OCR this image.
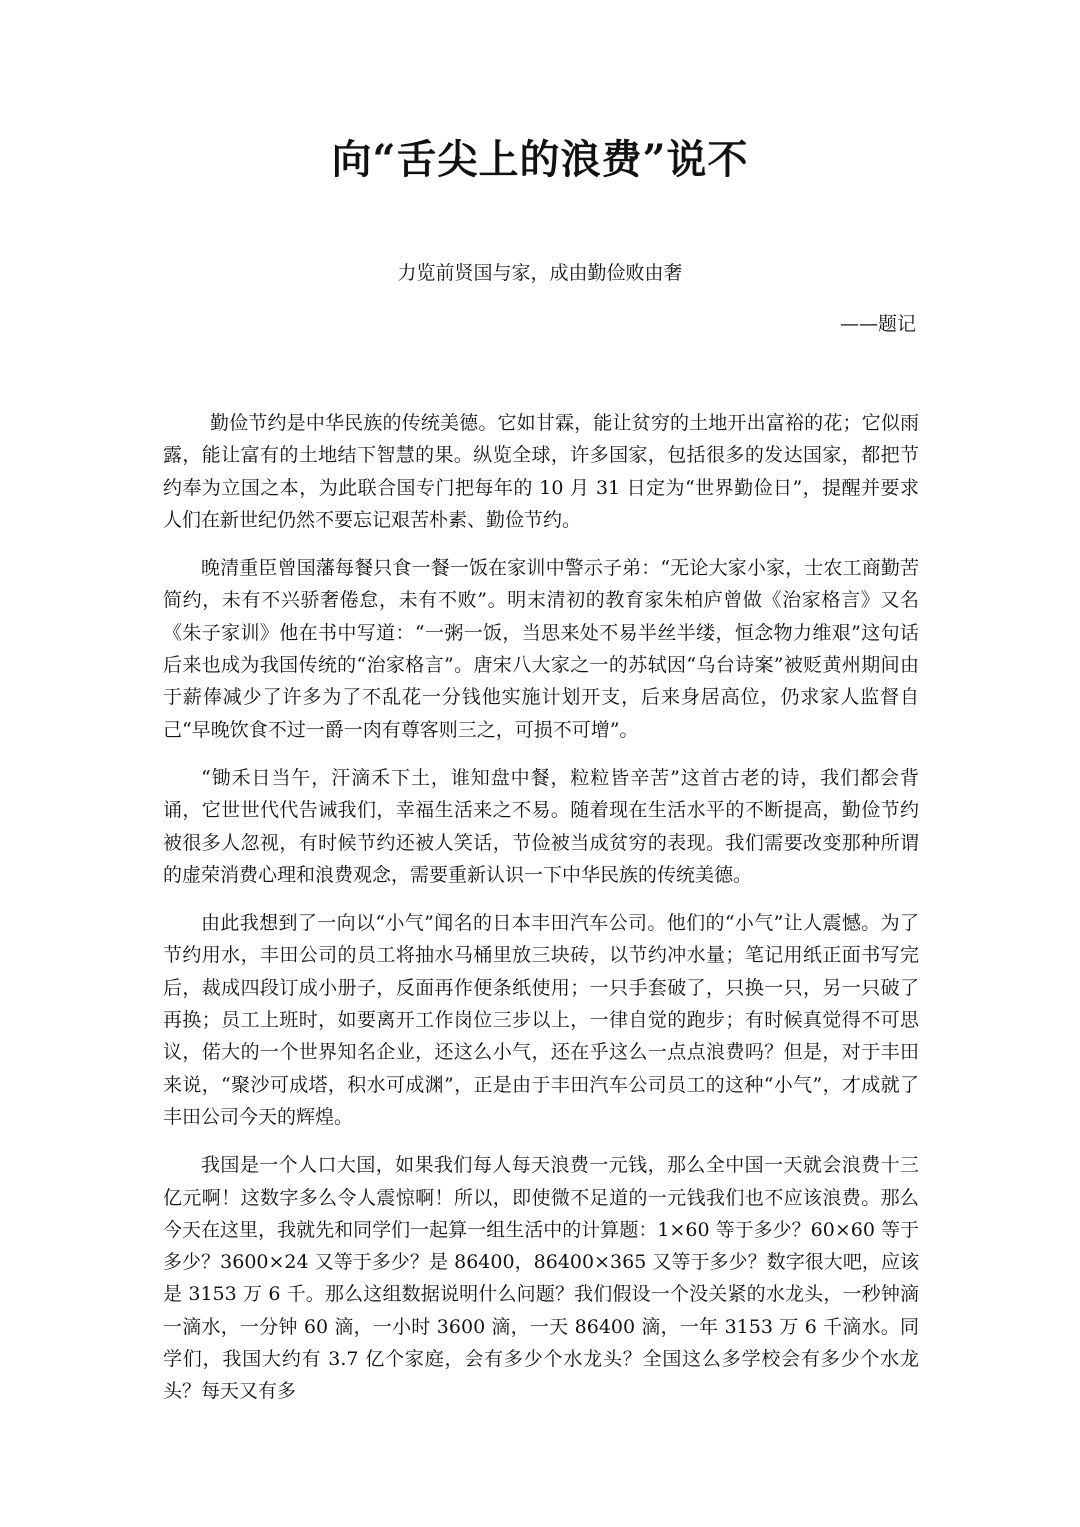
向“舌尖上的浪费”说不

力览前贤国与家，成由勤俭败由奢

——题记

勤俭节约是中华民族的传统美德。它如甘霖，能让贫穷的土地开出富裕的花；它似雨露，能让富有的土地结下智慧的果。纵览全球，许多国家，包括很多的发达国家，都把节约奉为立国之本，为此联合国专门把每年的 10 月 31 日定为“世界勤俭日”，提醒并要求人们在新世纪仍然不要忘记艰苦朴素、勤俭节约。

晚清重臣曾国藩每餐只食一餐一饭在家训中警示子弟：“无论大家小家，士农工商勤苦简约，未有不兴骄奢倦怠，未有不败”。明末清初的教育家朱柏庐曾做《治家格言》又名《朱子家训》他在书中写道：“一粥一饭，当思来处不易半丝半缕，恒念物力维艰”这句话后来也成为我国传统的“治家格言”。唐宋八大家之一的苏轼因“乌台诗案”被贬黄州期间由于薪俸减少了许多为了不乱花一分钱他实施计划开支，后来身居高位，仍求家人监督自己“早晚饮食不过一爵一肉有尊客则三之，可损不可增”。

“锄禾日当午，汗滴禾下土，谁知盘中餐，粒粒皆辛苦”这首古老的诗，我们都会背诵，它世世代代告诫我们，幸福生活来之不易。随着现在生活水平的不断提高，勤俭节约被很多人忽视，有时候节约还被人笑话，节俭被当成贫穷的表现。我们需要改变那种所谓的虚荣消费心理和浪费观念，需要重新认识一下中华民族的传统美德。

由此我想到了一向以“小气”闻名的日本丰田汽车公司。他们的“小气”让人震憾。为了节约用水，丰田公司的员工将抽水马桶里放三块砖，以节约冲水量；笔记用纸正面书写完后，裁成四段订成小册子，反面再作便条纸使用；一只手套破了，只换一只，另一只破了再换；员工上班时，如要离开工作岗位三步以上，一律自觉的跑步；有时候真觉得不可思议，偌大的一个世界知名企业，还这么小气，还在乎这么一点点浪费吗？但是，对于丰田来说，“聚沙可成塔，积水可成渊”，正是由于丰田汽车公司员工的这种“小气”，才成就了丰田公司今天的辉煌。

我国是一个人口大国，如果我们每人每天浪费一元钱，那么全中国一天就会浪费十三亿元啊！这数字多么令人震惊啊！所以，即使微不足道的一元钱我们也不应该浪费。那么今天在这里，我就先和同学们一起算一组生活中的计算题：1×60 等于多少？60×60 等于多少？3600×24 又等于多少？是 86400，86400×365 又等于多少？数字很大吧，应该是 3153 万 6 千。那么这组数据说明什么问题？我们假设一个没关紧的水龙头，一秒钟滴一滴水，一分钟 60 滴，一小时 3600 滴，一天 86400 滴，一年 3153 万 6 千滴水。同学们，我国大约有 3.7 亿个家庭，会有多少个水龙头？全国这么多学校会有多少个水龙头？每天又有多
